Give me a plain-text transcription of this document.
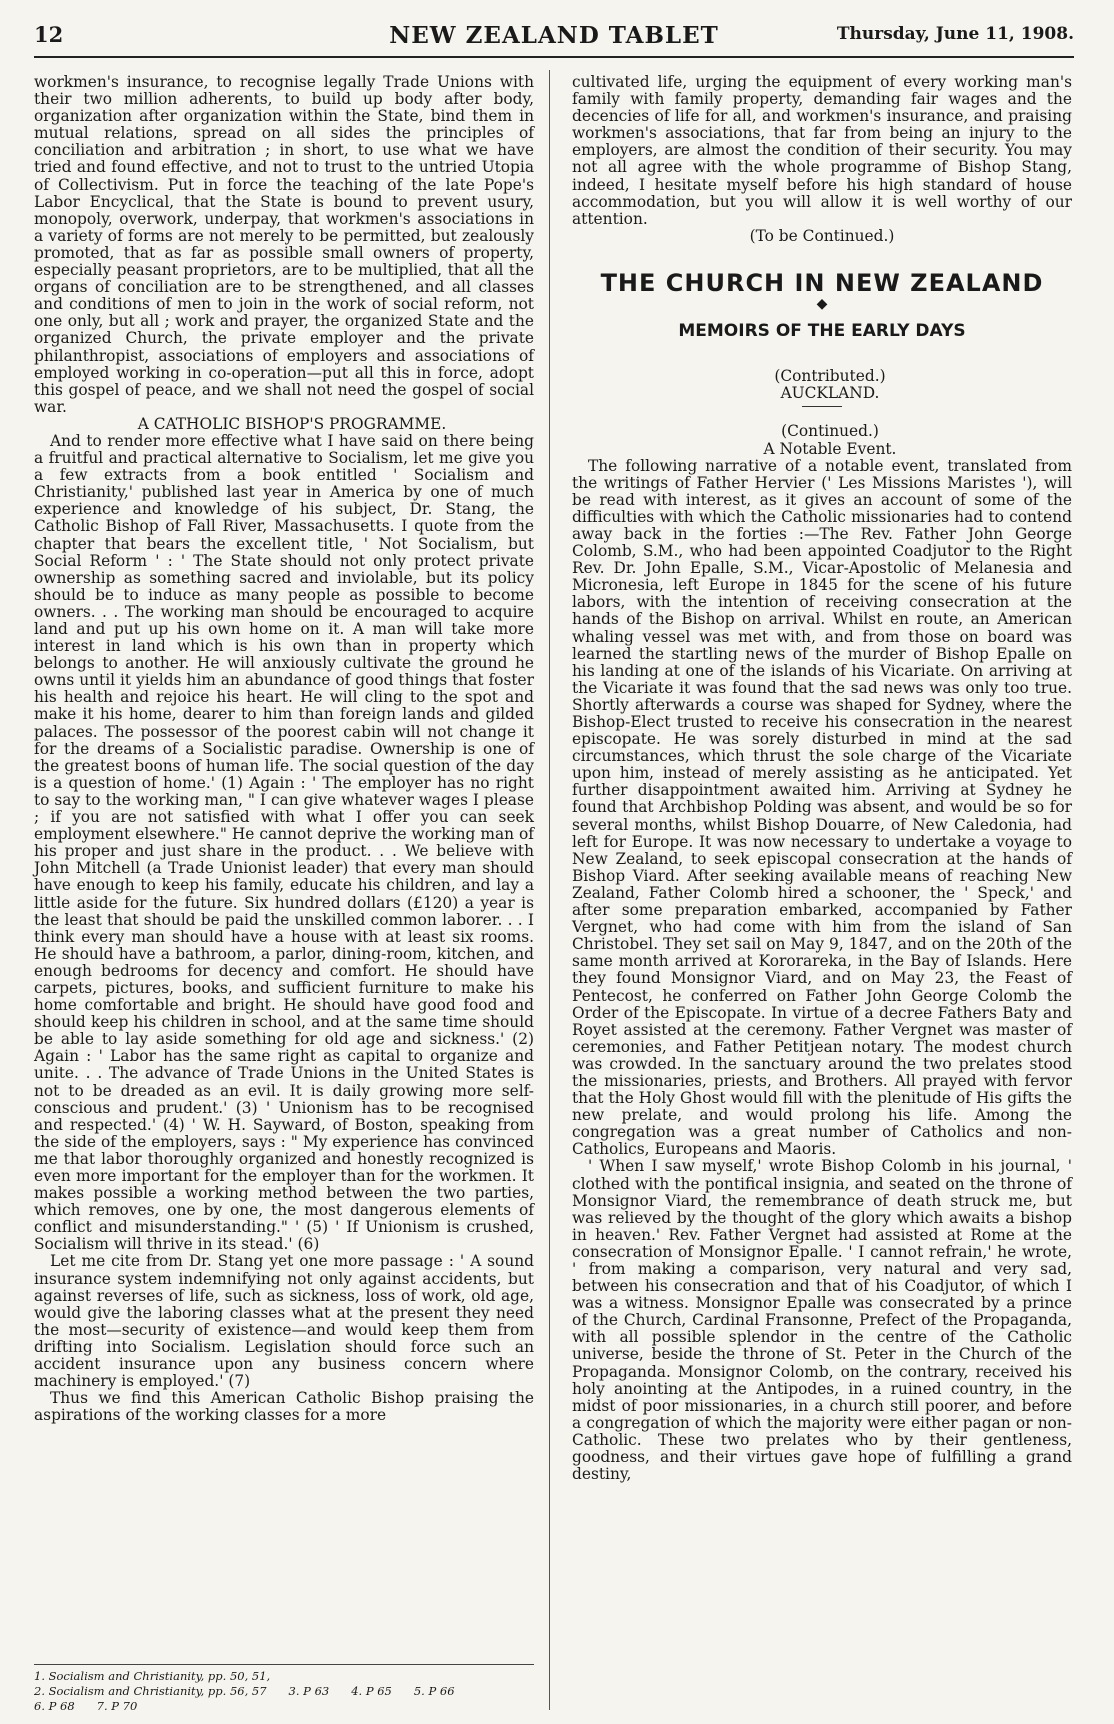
12	NEW ZEALAND TABLET	Thursday, June 11, 1908.

workmen's insurance, to recognise legally Trade Unions with their two million adherents, to build up body after body, organization after organization within the State, bind them in mutual relations, spread on all sides the principles of conciliation and arbitration ; in short, to use what we have tried and found effective, and not to trust to the untried Utopia of Collectivism. Put in force the teaching of the late Pope's Labor Encyclical, that the State is bound to prevent usury, monopoly, overwork, underpay, that workmen's associations in a variety of forms are not merely to be permitted, but zealously promoted, that as far as possible small owners of property, especially peasant proprietors, are to be multiplied, that all the organs of conciliation are to be strengthened, and all classes and conditions of men to join in the work of social reform, not one only, but all ; work and prayer, the organized State and the organized Church, the private employer and the private philanthropist, associations of employers and associations of employed working in co-operation—put all this in force, adopt this gospel of peace, and we shall not need the gospel of social war.

A CATHOLIC BISHOP'S PROGRAMME.

And to render more effective what I have said on there being a fruitful and practical alternative to Socialism, let me give you a few extracts from a book entitled ' Socialism and Christianity,' published last year in America by one of much experience and knowledge of his subject, Dr. Stang, the Catholic Bishop of Fall River, Massachusetts. I quote from the chapter that bears the excellent title, ' Not Socialism, but Social Reform ' : ' The State should not only protect private ownership as something sacred and inviolable, but its policy should be to induce as many people as possible to become owners. . . The working man should be encouraged to acquire land and put up his own home on it. A man will take more interest in land which is his own than in property which belongs to another. He will anxiously cultivate the ground he owns until it yields him an abundance of good things that foster his health and rejoice his heart. He will cling to the spot and make it his home, dearer to him than foreign lands and gilded palaces. The possessor of the poorest cabin will not change it for the dreams of a Socialistic paradise. Ownership is one of the greatest boons of human life. The social question of the day is a question of home.' (1) Again : ' The employer has no right to say to the working man, " I can give whatever wages I please ; if you are not satisfied with what I offer you can seek employment elsewhere." He cannot deprive the working man of his proper and just share in the product. . . We believe with John Mitchell (a Trade Unionist leader) that every man should have enough to keep his family, educate his children, and lay a little aside for the future. Six hundred dollars (£120) a year is the least that should be paid the unskilled common laborer. . . I think every man should have a house with at least six rooms. He should have a bathroom, a parlor, dining-room, kitchen, and enough bedrooms for decency and comfort. He should have carpets, pictures, books, and sufficient furniture to make his home comfortable and bright. He should have good food and should keep his children in school, and at the same time should be able to lay aside something for old age and sickness.' (2) Again : ' Labor has the same right as capital to organize and unite. . . The advance of Trade Unions in the United States is not to be dreaded as an evil. It is daily growing more self-conscious and prudent.' (3) ' Unionism has to be recognised and respected.' (4) ' W. H. Sayward, of Boston, speaking from the side of the employers, says : " My experience has convinced me that labor thoroughly organized and honestly recognized is even more important for the employer than for the workmen. It makes possible a working method between the two parties, which removes, one by one, the most dangerous elements of conflict and misunderstanding." ' (5) ' If Unionism is crushed, Socialism will thrive in its stead.' (6)

Let me cite from Dr. Stang yet one more passage : ' A sound insurance system indemnifying not only against accidents, but against reverses of life, such as sickness, loss of work, old age, would give the laboring classes what at the present they need the most—security of existence—and would keep them from drifting into Socialism. Legislation should force such an accident insurance upon any business concern where machinery is employed.' (7)

Thus we find this American Catholic Bishop praising the aspirations of the working classes for a more

1. Socialism and Christianity, pp. 50, 51,
2. Socialism and Christianity, pp. 56, 57 3. P 63 4. P 65 5. P 66
6. P 68 7. P 70

cultivated life, urging the equipment of every working man's family with family property, demanding fair wages and the decencies of life for all, and workmen's insurance, and praising workmen's associations, that far from being an injury to the employers, are almost the condition of their security. You may not all agree with the whole programme of Bishop Stang, indeed, I hesitate myself before his high standard of house accommodation, but you will allow it is well worthy of our attention.

(To be Continued.)

THE CHURCH IN NEW ZEALAND
◆
MEMOIRS OF THE EARLY DAYS

(Contributed.)

AUCKLAND.

(Continued.)

A Notable Event.

The following narrative of a notable event, translated from the writings of Father Hervier (' Les Missions Maristes '), will be read with interest, as it gives an account of some of the difficulties with which the Catholic missionaries had to contend away back in the forties :—The Rev. Father John George Colomb, S.M., who had been appointed Coadjutor to the Right Rev. Dr. John Epalle, S.M., Vicar-Apostolic of Melanesia and Micronesia, left Europe in 1845 for the scene of his future labors, with the intention of receiving consecration at the hands of the Bishop on arrival. Whilst en route, an American whaling vessel was met with, and from those on board was learned the startling news of the murder of Bishop Epalle on his landing at one of the islands of his Vicariate. On arriving at the Vicariate it was found that the sad news was only too true. Shortly afterwards a course was shaped for Sydney, where the Bishop-Elect trusted to receive his consecration in the nearest episcopate. He was sorely disturbed in mind at the sad circumstances, which thrust the sole charge of the Vicariate upon him, instead of merely assisting as he anticipated. Yet further disappointment awaited him. Arriving at Sydney he found that Archbishop Polding was absent, and would be so for several months, whilst Bishop Douarre, of New Caledonia, had left for Europe. It was now necessary to undertake a voyage to New Zealand, to seek episcopal consecration at the hands of Bishop Viard. After seeking available means of reaching New Zealand, Father Colomb hired a schooner, the ' Speck,' and after some preparation embarked, accompanied by Father Vergnet, who had come with him from the island of San Christobel. They set sail on May 9, 1847, and on the 20th of the same month arrived at Kororareka, in the Bay of Islands. Here they found Monsignor Viard, and on May 23, the Feast of Pentecost, he conferred on Father John George Colomb the Order of the Episcopate. In virtue of a decree Fathers Baty and Royet assisted at the ceremony. Father Vergnet was master of ceremonies, and Father Petitjean notary. The modest church was crowded. In the sanctuary around the two prelates stood the missionaries, priests, and Brothers. All prayed with fervor that the Holy Ghost would fill with the plenitude of His gifts the new prelate, and would prolong his life. Among the congregation was a great number of Catholics and non-Catholics, Europeans and Maoris.

' When I saw myself,' wrote Bishop Colomb in his journal, ' clothed with the pontifical insignia, and seated on the throne of Monsignor Viard, the remembrance of death struck me, but was relieved by the thought of the glory which awaits a bishop in heaven.' Rev. Father Vergnet had assisted at Rome at the consecration of Monsignor Epalle. ' I cannot refrain,' he wrote, ' from making a comparison, very natural and very sad, between his consecration and that of his Coadjutor, of which I was a witness. Monsignor Epalle was consecrated by a prince of the Church, Cardinal Fransonne, Prefect of the Propaganda, with all possible splendor in the centre of the Catholic universe, beside the throne of St. Peter in the Church of the Propaganda. Monsignor Colomb, on the contrary, received his holy anointing at the Antipodes, in a ruined country, in the midst of poor missionaries, in a church still poorer, and before a congregation of which the majority were either pagan or non-Catholic. These two prelates who by their gentleness, goodness, and their virtues gave hope of fulfilling a grand destiny,
